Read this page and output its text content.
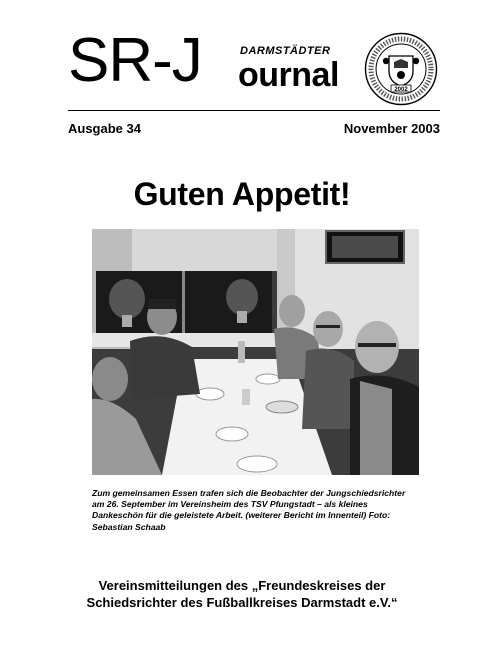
SR-J	DARMSTÄDTER
ournal	2002
Ausgabe 34	November 2003
Guten Appetit!
Zum gemeinsamen Essen trafen sich die Beobachter der Jungschiedsrichter am 26. September im Vereinsheim des TSV Pfungstadt – als kleines Dankeschön für die geleistete Arbeit. (weiterer Bericht im Innenteil) Foto: Sebastian Schaab
Vereinsmitteilungen des „Freundeskreises der
Schiedsrichter des Fußballkreises Darmstadt e.V.“
